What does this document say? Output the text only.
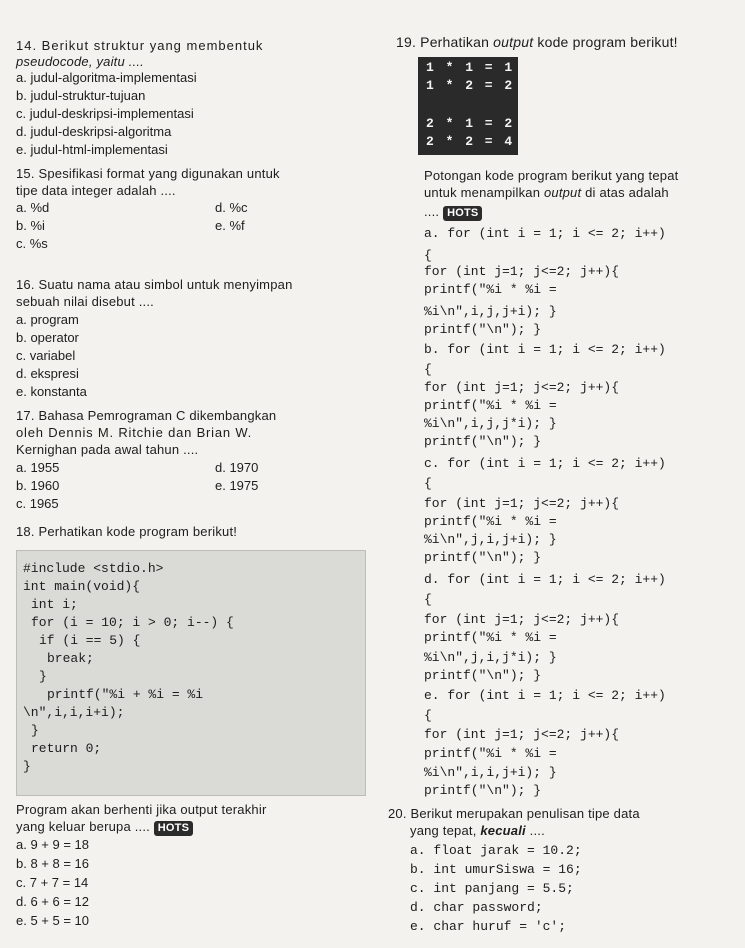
14. Berikut struktur yang membentuk
pseudocode, yaitu ....
a. judul-algoritma-implementasi
b. judul-struktur-tujuan
c. judul-deskripsi-implementasi
d. judul-deskripsi-algoritma
e. judul-html-implementasi
15. Spesifikasi format yang digunakan untuk
tipe data integer adalah ....
a. %d	d. %c
b. %i	e. %f
c. %s
16. Suatu nama atau simbol untuk menyimpan
sebuah nilai disebut ....
a. program
b. operator
c. variabel
d. ekspresi
e. konstanta
17. Bahasa Pemrograman C dikembangkan
oleh Dennis M. Ritchie dan Brian W.
Kernighan pada awal tahun ....
a. 1955	d. 1970
b. 1960	e. 1975
c. 1965
18. Perhatikan kode program berikut!
#include <stdio.h>
int main(void){
int i;
for (i = 10; i > 0; i--) {
if (i == 5) {
break;
}
printf("%i + %i = %i
\n",i,i,i+i);
}
return 0;
}
Program akan berhenti jika output terakhir
yang keluar berupa .... HOTS
a. 9 + 9 = 18
b. 8 + 8 = 16
c. 7 + 7 = 14
d. 6 + 6 = 12
e. 5 + 5 = 10
19. Perhatikan output kode program berikut!
1 * 1 = 1
1 * 2 = 2
2 * 1 = 2
2 * 2 = 4
Potongan kode program berikut yang tepat
untuk menampilkan output di atas adalah
.... HOTS
a. for (int i = 1; i <= 2; i++)
{
for (int j=1; j<=2; j++){
printf("%i * %i =
%i\n",i,j,j+i); }
printf("\n"); }
b. for (int i = 1; i <= 2; i++)
{
for (int j=1; j<=2; j++){
printf("%i * %i =
%i\n",i,j,j*i); }
printf("\n"); }
c. for (int i = 1; i <= 2; i++)
{
for (int j=1; j<=2; j++){
printf("%i * %i =
%i\n",j,i,j+i); }
printf("\n"); }
d. for (int i = 1; i <= 2; i++)
{
for (int j=1; j<=2; j++){
printf("%i * %i =
%i\n",j,i,j*i); }
printf("\n"); }
e. for (int i = 1; i <= 2; i++)
{
for (int j=1; j<=2; j++){
printf("%i * %i =
%i\n",i,i,j+i); }
printf("\n"); }
20. Berikut merupakan penulisan tipe data
yang tepat, kecuali ....
a. float jarak = 10.2;
b. int umurSiswa = 16;
c. int panjang = 5.5;
d. char password;
e. char huruf = 'c';
